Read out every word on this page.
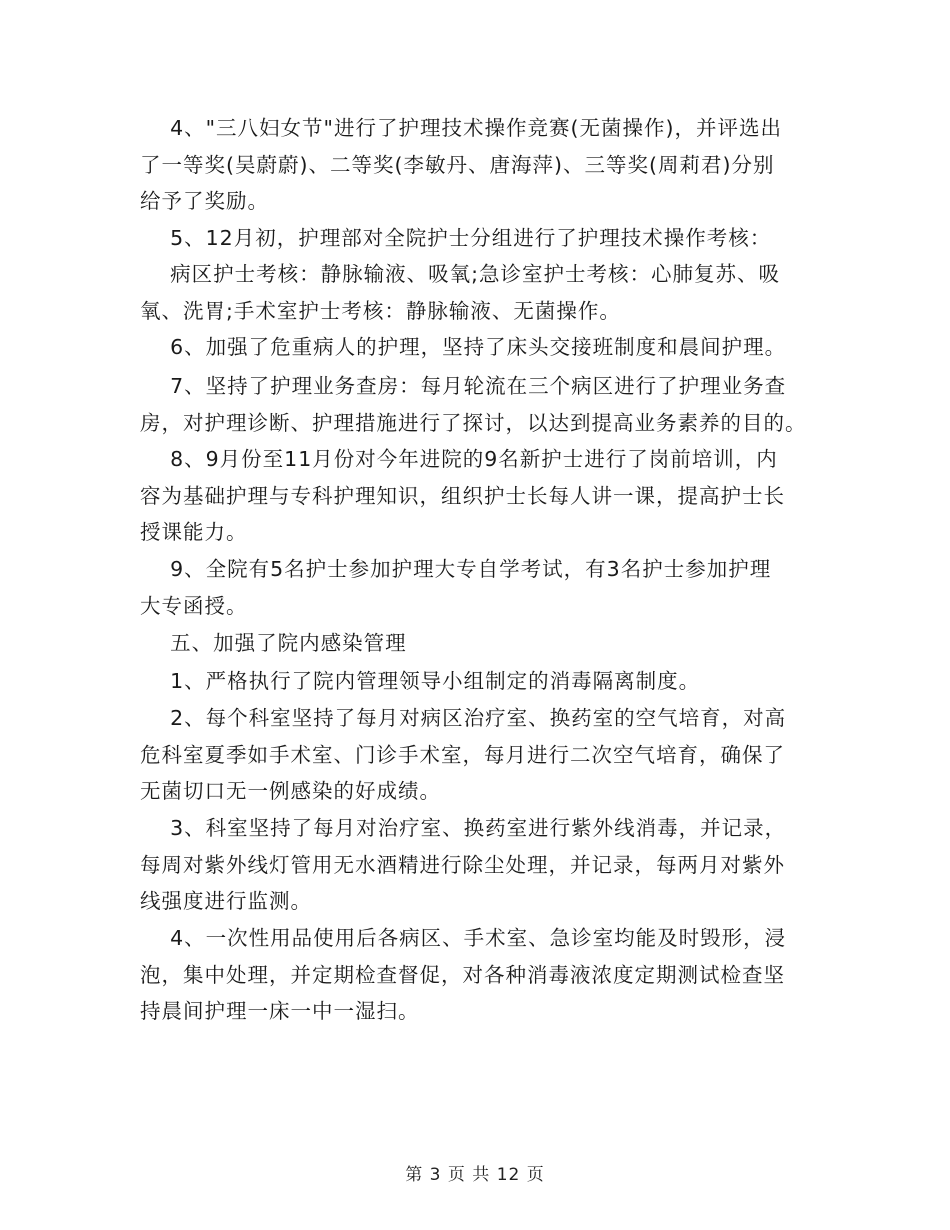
4、"三八妇女节"进行了护理技术操作竞赛(无菌操作)，并评选出
了一等奖(吴蔚蔚)、二等奖(李敏丹、唐海萍)、三等奖(周莉君)分别
给予了奖励。

5、12月初，护理部对全院护士分组进行了护理技术操作考核：

病区护士考核：静脉输液、吸氧;急诊室护士考核：心肺复苏、吸
氧、洗胃;手术室护士考核：静脉输液、无菌操作。

6、加强了危重病人的护理，坚持了床头交接班制度和晨间护理。

7、坚持了护理业务查房：每月轮流在三个病区进行了护理业务查
房，对护理诊断、护理措施进行了探讨，以达到提高业务素养的目的。

8、9月份至11月份对今年进院的9名新护士进行了岗前培训，内
容为基础护理与专科护理知识，组织护士长每人讲一课，提高护士长
授课能力。

9、全院有5名护士参加护理大专自学考试，有3名护士参加护理
大专函授。

五、加强了院内感染管理

1、严格执行了院内管理领导小组制定的消毒隔离制度。

2、每个科室坚持了每月对病区治疗室、换药室的空气培育，对高
危科室夏季如手术室、门诊手术室，每月进行二次空气培育，确保了
无菌切口无一例感染的好成绩。

3、科室坚持了每月对治疗室、换药室进行紫外线消毒，并记录，
每周对紫外线灯管用无水酒精进行除尘处理，并记录，每两月对紫外
线强度进行监测。

4、一次性用品使用后各病区、手术室、急诊室均能及时毁形，浸
泡，集中处理，并定期检查督促，对各种消毒液浓度定期测试检查坚
持晨间护理一床一中一湿扫。

第 3 页 共 12 页
